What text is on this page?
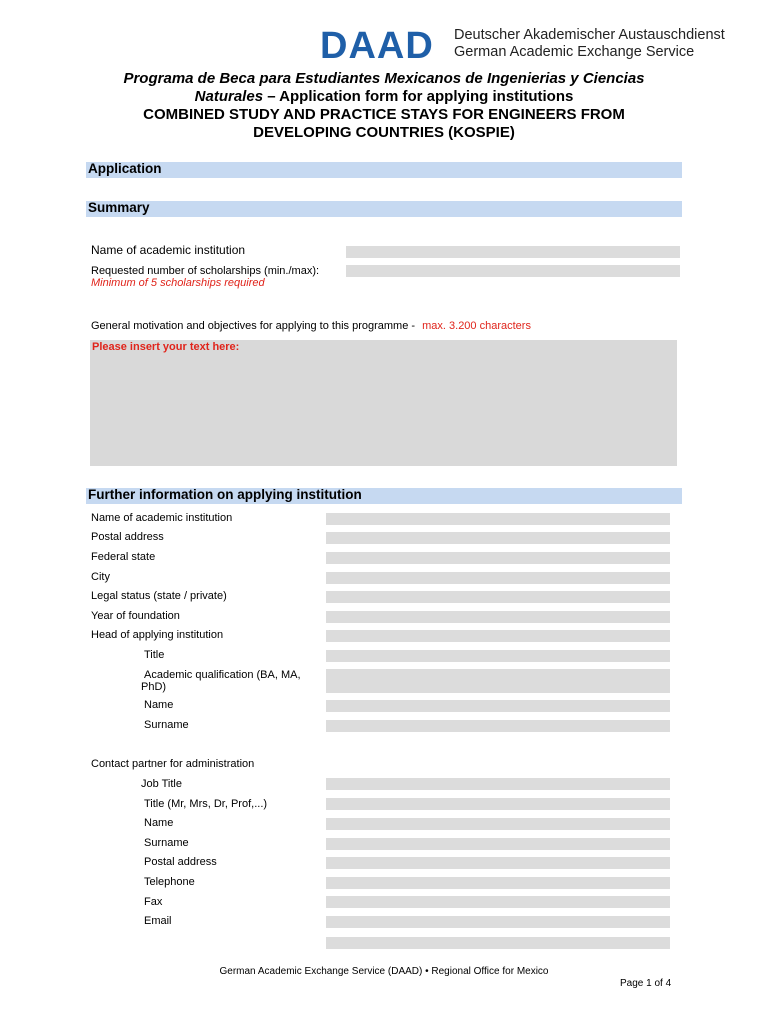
DAAD Deutscher Akademischer Austauschdienst
German Academic Exchange Service
Programa de Beca para Estudiantes Mexicanos de Ingenierias y Ciencias
Naturales – Application form for applying institutions
COMBINED STUDY AND PRACTICE STAYS FOR ENGINEERS FROM
DEVELOPING COUNTRIES (KOSPIE)
Application
Summary
Name of academic institution
Requested number of scholarships (min./max):
Minimum of 5 scholarships required
General motivation and objectives for applying to this programme - max. 3.200 characters
Please insert your text here:
Further information on applying institution
Name of academic institution
Postal address
Federal state
City
Legal status (state / private)
Year of foundation
Head of applying institution
Title
Academic qualification (BA, MA,
PhD)
Name
Surname
Contact partner for administration
Job Title
Title (Mr, Mrs, Dr, Prof,...)
Name
Surname
Postal address
Telephone
Fax
Email
German Academic Exchange Service (DAAD) • Regional Office for Mexico
Page 1 of 4
